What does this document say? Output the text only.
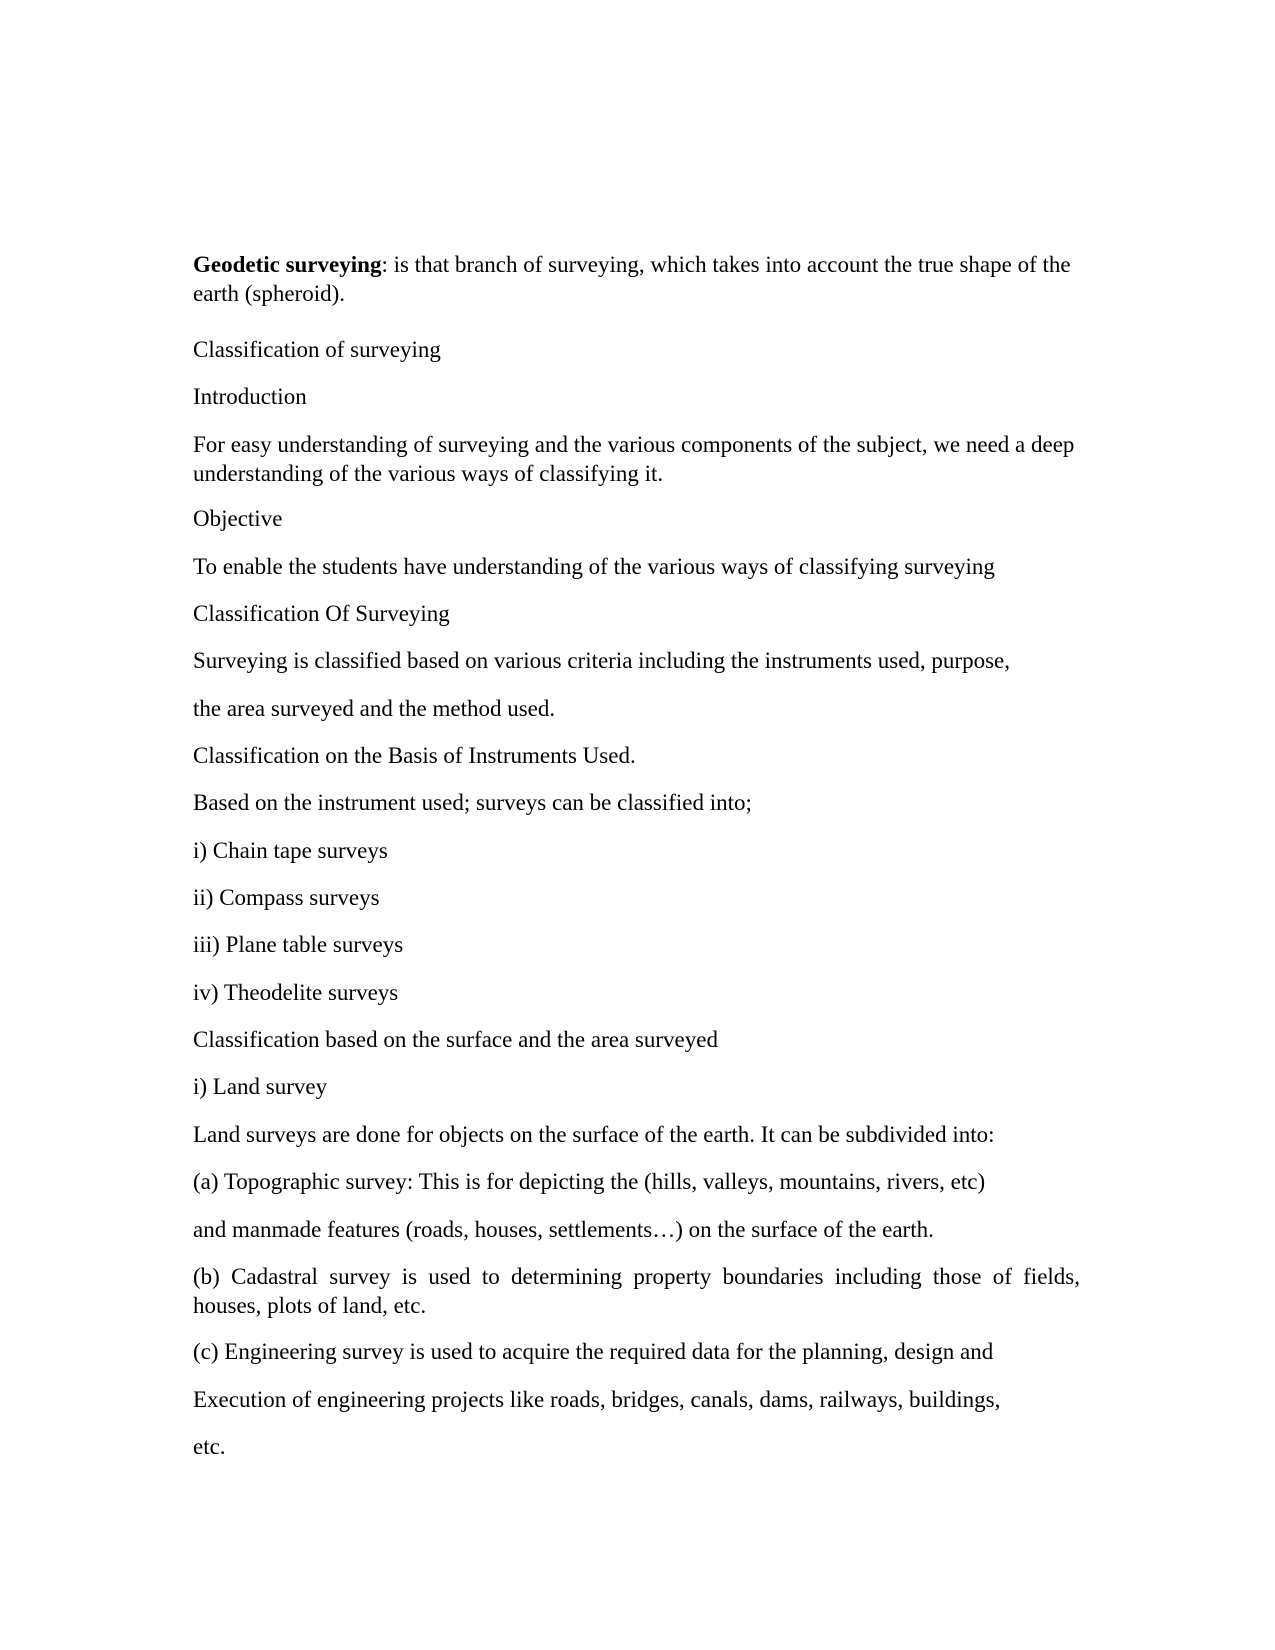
Geodetic surveying: is that branch of surveying, which takes into account the true shape of the earth (spheroid).

Classification of surveying

Introduction

For easy understanding of surveying and the various components of the subject, we need a deep understanding of the various ways of classifying it.

Objective

To enable the students have understanding of the various ways of classifying surveying

Classification Of Surveying

Surveying is classified based on various criteria including the instruments used, purpose,

the area surveyed and the method used.

Classification on the Basis of Instruments Used.

Based on the instrument used; surveys can be classified into;

i) Chain tape surveys

ii) Compass surveys

iii) Plane table surveys

iv) Theodelite surveys

Classification based on the surface and the area surveyed

i) Land survey

Land surveys are done for objects on the surface of the earth. It can be subdivided into:

(a) Topographic survey: This is for depicting the (hills, valleys, mountains, rivers, etc)

and manmade features (roads, houses, settlements…) on the surface of the earth.

(b) Cadastral survey is used to determining property boundaries including those of fields, houses, plots of land, etc.

(c) Engineering survey is used to acquire the required data for the planning, design and

Execution of engineering projects like roads, bridges, canals, dams, railways, buildings,

etc.
